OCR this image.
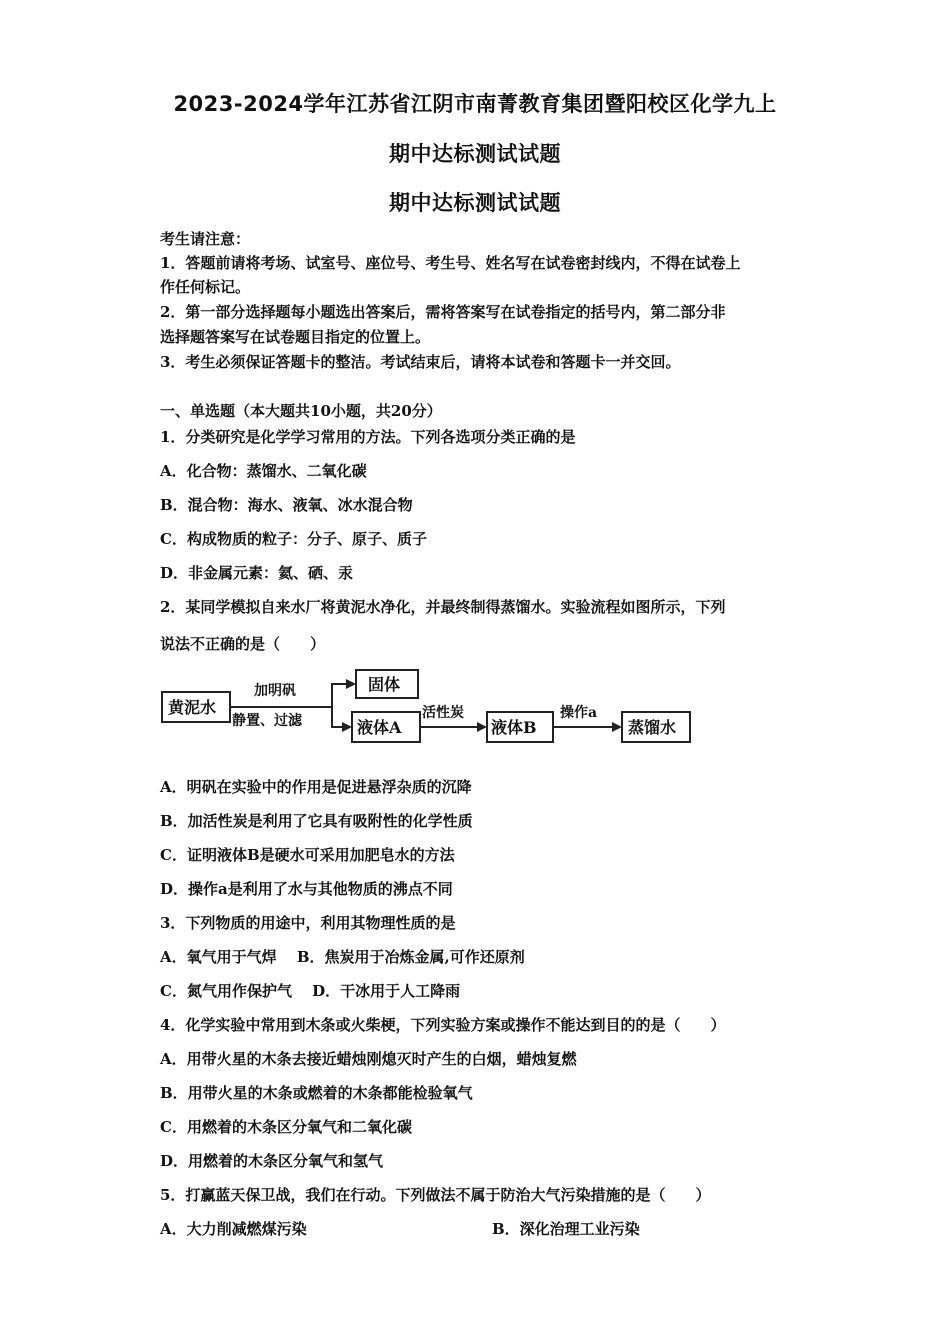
2023-2024学年江苏省江阴市南菁教育集团暨阳校区化学九上
期中达标测试试题
期中达标测试试题
考生请注意：
1．答题前请将考场、试室号、座位号、考生号、姓名写在试卷密封线内，不得在试卷上
作任何标记。
2．第一部分选择题每小题选出答案后，需将答案写在试卷指定的括号内，第二部分非
选择题答案写在试卷题目指定的位置上。
3．考生必须保证答题卡的整洁。考试结束后，请将本试卷和答题卡一并交回。
一、单选题（本大题共10小题，共20分）
1．分类研究是化学学习常用的方法。下列各选项分类正确的是
A．化合物：蒸馏水、二氧化碳
B．混合物：海水、液氧、冰水混合物
C．构成物质的粒子：分子、原子、质子
D．非金属元素：氦、硒、汞
2．某同学模拟自来水厂将黄泥水净化，并最终制得蒸馏水。实验流程如图所示，下列
说法不正确的是（　　）
黄泥水
加明矾
静置、过滤
固体
液体A
活性炭
液体B
操作a
蒸馏水
A．明矾在实验中的作用是促进悬浮杂质的沉降
B．加活性炭是利用了它具有吸附性的化学性质
C．证明液体B是硬水可采用加肥皂水的方法
D．操作a是利用了水与其他物质的沸点不同
3．下列物质的用途中，利用其物理性质的是
A．氧气用于气焊　 B．焦炭用于冶炼金属,可作还原剂
C．氮气用作保护气　 D．干冰用于人工降雨
4．化学实验中常用到木条或火柴梗，下列实验方案或操作不能达到目的的是（　　）
A．用带火星的木条去接近蜡烛刚熄灭时产生的白烟，蜡烛复燃
B．用带火星的木条或燃着的木条都能检验氧气
C．用燃着的木条区分氧气和二氧化碳
D．用燃着的木条区分氧气和氢气
5．打赢蓝天保卫战，我们在行动。下列做法不属于防治大气污染措施的是（　　）
A．大力削减燃煤污染	B．深化治理工业污染
